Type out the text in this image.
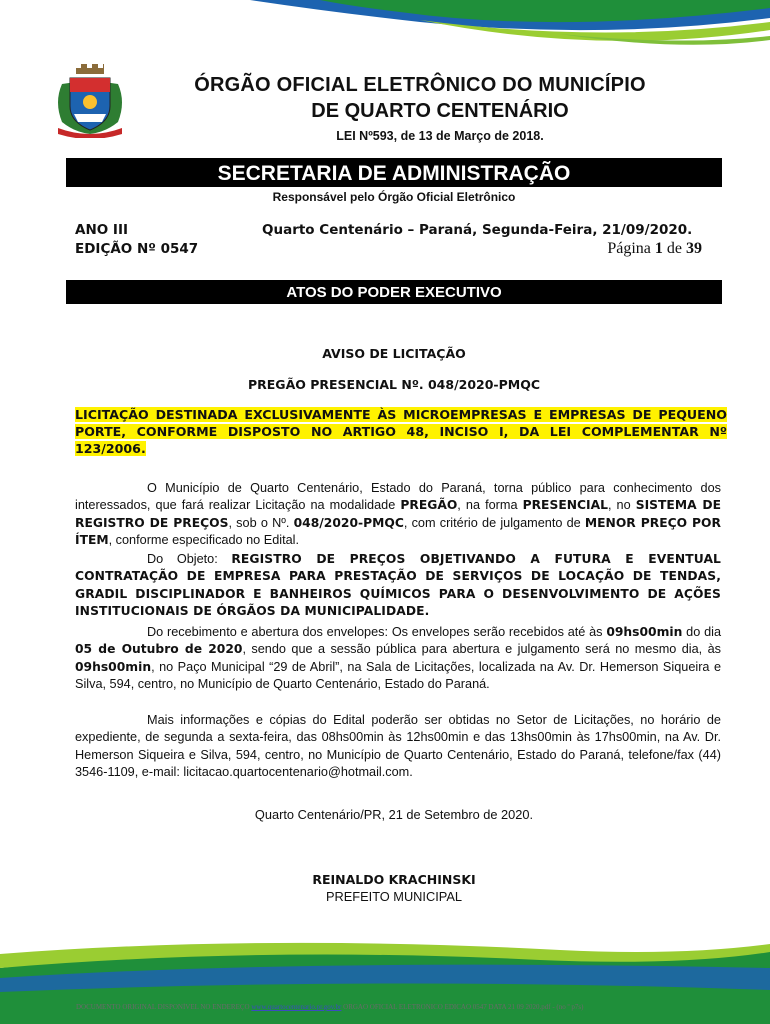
ÓRGÃO OFICIAL ELETRÔNICO DO MUNICÍPIO
DE QUARTO CENTENÁRIO
LEI Nº593, de 13 de Março de 2018.
SECRETARIA DE ADMINISTRAÇÃO
Responsável pelo Órgão Oficial Eletrônico
ANO III
EDIÇÃO Nº 0547
Quarto Centenário – Paraná, Segunda-Feira, 21/09/2020.
Página 1 de 39
ATOS DO PODER EXECUTIVO
AVISO DE LICITAÇÃO
PREGÃO PRESENCIAL Nº. 048/2020-PMQC
LICITAÇÃO DESTINADA EXCLUSIVAMENTE ÀS MICROEMPRESAS E EMPRESAS DE PEQUENO PORTE, CONFORME DISPOSTO NO ARTIGO 48, INCISO I, DA LEI COMPLEMENTAR Nº 123/2006.
O Município de Quarto Centenário, Estado do Paraná, torna público para conhecimento dos interessados, que fará realizar Licitação na modalidade PREGÃO, na forma PRESENCIAL, no SISTEMA DE REGISTRO DE PREÇOS, sob o Nº. 048/2020-PMQC, com critério de julgamento de MENOR PREÇO POR ÍTEM, conforme especificado no Edital.
Do Objeto: REGISTRO DE PREÇOS OBJETIVANDO A FUTURA E EVENTUAL CONTRATAÇÃO DE EMPRESA PARA PRESTAÇÃO DE SERVIÇOS DE LOCAÇÃO DE TENDAS, GRADIL DISCIPLINADOR E BANHEIROS QUÍMICOS PARA O DESENVOLVIMENTO DE AÇÕES INSTITUCIONAIS DE ÓRGÃOS DA MUNICIPALIDADE.
Do recebimento e abertura dos envelopes: Os envelopes serão recebidos até às 09hs00min do dia 05 de Outubro de 2020, sendo que a sessão pública para abertura e julgamento será no mesmo dia, às 09hs00min, no Paço Municipal “29 de Abril”, na Sala de Licitações, localizada na Av. Dr. Hemerson Siqueira e Silva, 594, centro, no Município de Quarto Centenário, Estado do Paraná.
Mais informações e cópias do Edital poderão ser obtidas no Setor de Licitações, no horário de expediente, de segunda a sexta-feira, das 08hs00min às 12hs00min e das 13hs00min às 17hs00min, na Av. Dr. Hemerson Siqueira e Silva, 594, centro, no Município de Quarto Centenário, Estado do Paraná, telefone/fax (44) 3546-1109, e-mail: licitacao.quartocentenario@hotmail.com.
Quarto Centenário/PR, 21 de Setembro de 2020.
REINALDO KRACHINSKI
PREFEITO MUNICIPAL
DOCUMENTO ORIGINAL DISPONÍVEL NO ENDEREÇO www.quartocentenario.pr.gov.br ORGAO OFICIAL ELETRONICO EDICAO 0547 DATA 21 09 2020.pdf - (no º p7s)
